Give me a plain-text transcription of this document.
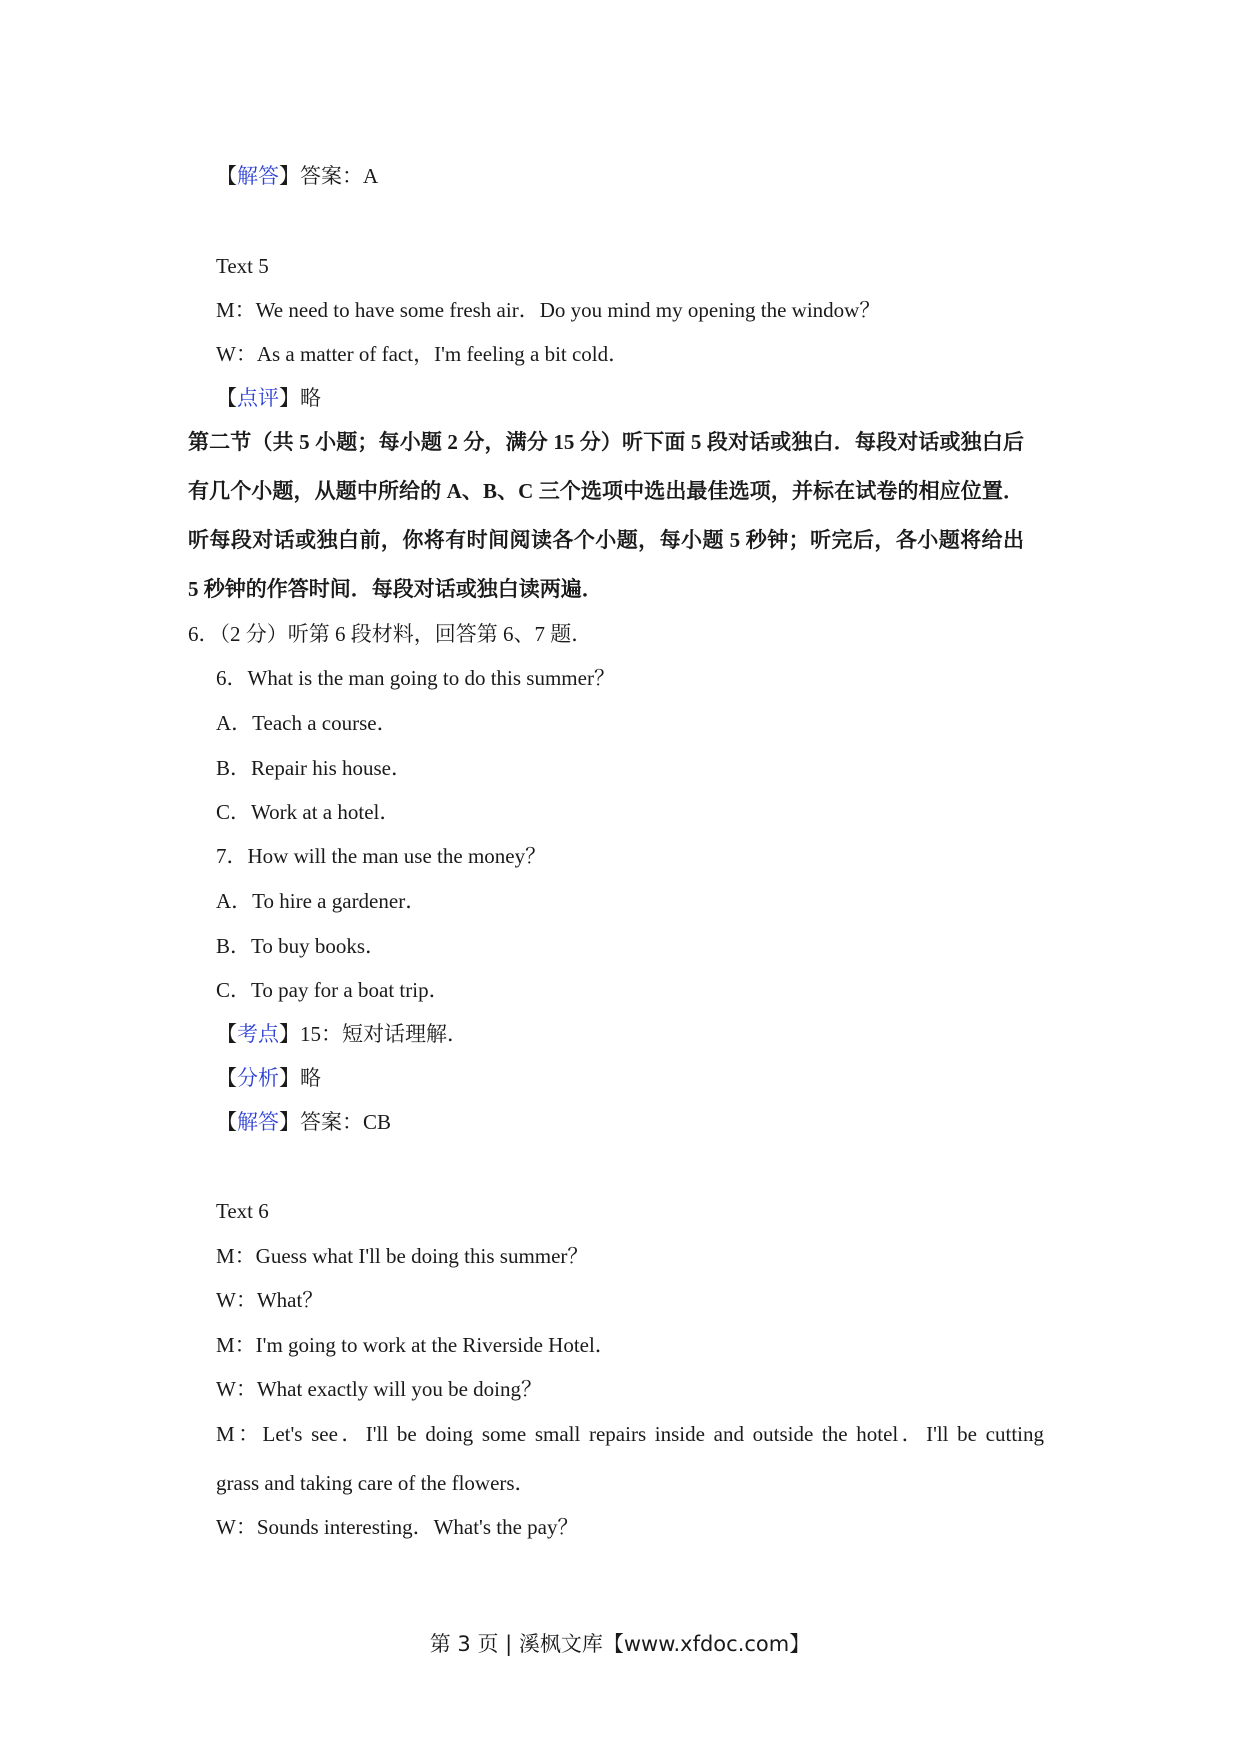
【解答】答案：A
Text 5
M：We need to have some fresh air．Do you mind my opening the window？
W：As a matter of fact，I'm feeling a bit cold．
【点评】略
第二节（共 5 小题；每小题 2 分，满分 15 分）听下面 5 段对话或独白．每段对话或独白后
有几个小题，从题中所给的 A、B、C 三个选项中选出最佳选项，并标在试卷的相应位置．
听每段对话或独白前，你将有时间阅读各个小题，每小题 5 秒钟；听完后，各小题将给出
5 秒钟的作答时间．每段对话或独白读两遍．
6．（2 分）听第 6 段材料，回答第 6、7 题．
6．What is the man going to do this summer？
A．Teach a course．
B．Repair his house．
C．Work at a hotel．
7．How will the man use the money？
A．To hire a gardener．
B．To buy books．
C．To pay for a boat trip．
【考点】15：短对话理解．
【分析】略
【解答】答案：CB
Text 6
M：Guess what I'll be doing this summer？
W：What？
M：I'm going to work at the Riverside Hotel．
W：What exactly will you be doing？
M：Let's see．I'll be doing some small repairs inside and outside the hotel．I'll be cutting
grass and taking care of the flowers．
W：Sounds interesting．What's the pay？
第 3 页 | 溪枫文库【www.xfdoc.com】
